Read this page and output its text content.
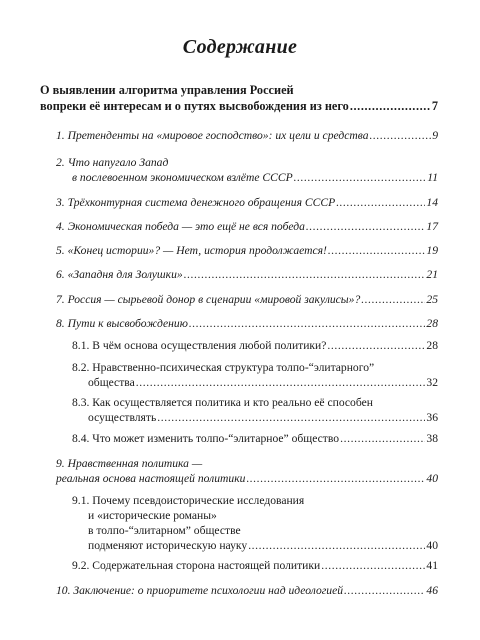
Содержание
О выявлении алгоритма управления Россией
вопреки её интересам и о путях высвобождения из него .....	7
1. Претенденты на «мировое господство»: их цели и средства .....	9
2. Что напугало Запад
в послевоенном экономическом взлёте СССР .....	11
3. Трёхконтурная система денежного обращения СССР .....	14
4. Экономическая победа — это ещё не вся победа .....	17
5. «Конец истории»? — Нет, история продолжается! .....	19
6. «Западня для Золушки» .....	21
7. Россия — сырьевой донор в сценарии «мировой закулисы»? .....	25
8. Пути к высвобождению .....	28
8.1. В чём основа осуществления любой политики? .....	28
8.2. Нравственно-психическая структура толпо-“элитарного”
общества .....	32
8.3. Как осуществляется политика и кто реально её способен
осуществлять .....	36
8.4. Что может изменить толпо-“элитарное” общество .....	38
9. Нравственная политика —
реальная основа настоящей политики .....	40
9.1. Почему псевдоисторические исследования
и «исторические романы»
в толпо-“элитарном” обществе
подменяют историческую науку .....	40
9.2. Содержательная сторона настоящей политики .....	41
10. Заключение: о приоритете психологии над идеологией .....	46
